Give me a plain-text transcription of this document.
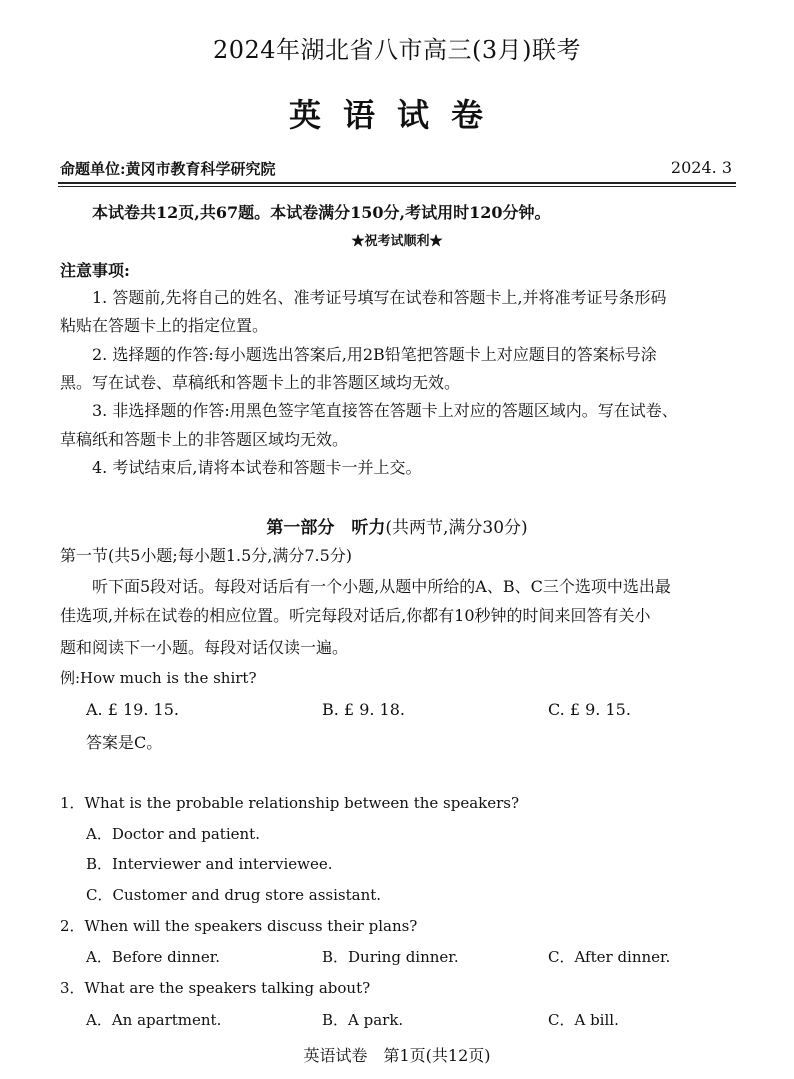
2024年湖北省八市高三(3月)联考
英语试卷
命题单位:黄冈市教育科学研究院	2024. 3
本试卷共12页,共67题。本试卷满分150分,考试用时120分钟。
★祝考试顺利★
注意事项:
1. 答题前,先将自己的姓名、准考证号填写在试卷和答题卡上,并将准考证号条形码
粘贴在答题卡上的指定位置。
2. 选择题的作答:每小题选出答案后,用2B铅笔把答题卡上对应题目的答案标号涂
黑。写在试卷、草稿纸和答题卡上的非答题区域均无效。
3. 非选择题的作答:用黑色签字笔直接答在答题卡上对应的答题区域内。写在试卷、
草稿纸和答题卡上的非答题区域均无效。
4. 考试结束后,请将本试卷和答题卡一并上交。
第一部分　听力(共两节,满分30分)
第一节(共5小题;每小题1.5分,满分7.5分)
听下面5段对话。每段对话后有一个小题,从题中所给的A、B、C三个选项中选出最
佳选项,并标在试卷的相应位置。听完每段对话后,你都有10秒钟的时间来回答有关小
题和阅读下一小题。每段对话仅读一遍。
例:How much is the shirt?
A. £ 19. 15.	B. £ 9. 18.	C. £ 9. 15.
答案是C。
1．What is the probable relationship between the speakers?
A．Doctor and patient.
B．Interviewer and interviewee.
C．Customer and drug store assistant.
2．When will the speakers discuss their plans?
A．Before dinner.	B．During dinner.	C．After dinner.
3．What are the speakers talking about?
A．An apartment.	B．A park.	C．A bill.
英语试卷　第1页(共12页)
